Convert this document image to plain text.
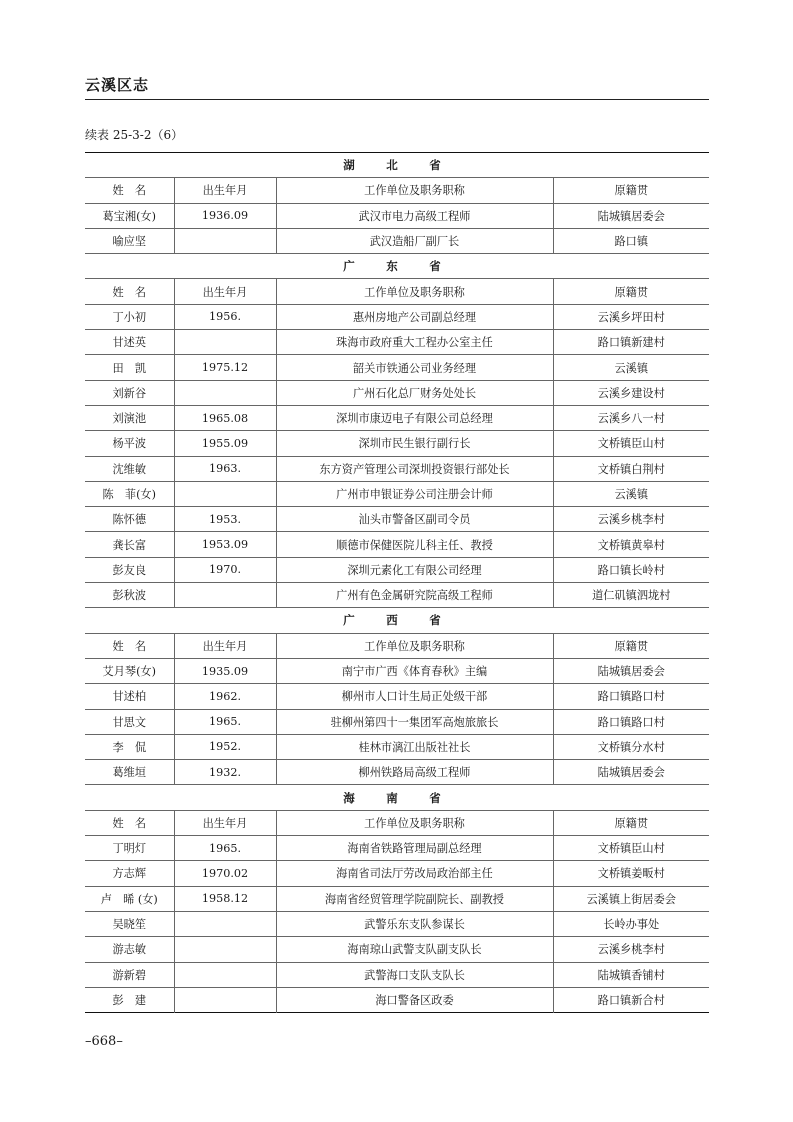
云溪区志
续表 25-3-2（6）
湖　北　省			
姓　名	出生年月	工作单位及职务职称	原籍贯
葛宝湘(女)	1936.09	武汉市电力高级工程师	陆城镇居委会
喻应坚		武汉造船厂副厂长	路口镇
广　东　省			
姓　名	出生年月	工作单位及职务职称	原籍贯
丁小初	1956.	惠州房地产公司副总经理	云溪乡坪田村
甘述英		珠海市政府重大工程办公室主任	路口镇新建村
田　凯	1975.12	韶关市铁通公司业务经理	云溪镇
刘新谷		广州石化总厂财务处处长	云溪乡建设村
刘演池	1965.08	深圳市康迈电子有限公司总经理	云溪乡八一村
杨平波	1955.09	深圳市民生银行副行长	文桥镇臣山村
沈维敏	1963.	东方资产管理公司深圳投资银行部处长	文桥镇白荆村
陈　菲(女)		广州市申银证券公司注册会计师	云溪镇
陈怀德	1953.	汕头市警备区副司令员	云溪乡桃李村
龚长富	1953.09	顺德市保健医院儿科主任、教授	文桥镇黄皋村
彭友良	1970.	深圳元素化工有限公司经理	路口镇长岭村
彭秋波		广州有色金属研究院高级工程师	道仁矶镇泗垅村
广　西　省			
姓　名	出生年月	工作单位及职务职称	原籍贯
艾月琴(女)	1935.09	南宁市广西《体育春秋》主编	陆城镇居委会
甘述柏	1962.	柳州市人口计生局正处级干部	路口镇路口村
甘思文	1965.	驻柳州第四十一集团军高炮旅旅长	路口镇路口村
李　侃	1952.	桂林市漓江出版社社长	文桥镇分水村
葛维垣	1932.	柳州铁路局高级工程师	陆城镇居委会
海　南　省			
姓　名	出生年月	工作单位及职务职称	原籍贯
丁明灯	1965.	海南省铁路管理局副总经理	文桥镇臣山村
方志辉	1970.02	海南省司法厅劳改局政治部主任	文桥镇姜畈村
卢　晞 (女)	1958.12	海南省经贸管理学院副院长、副教授	云溪镇上街居委会
吴晓笙		武警乐东支队参谋长	长岭办事处
游志敏		海南琼山武警支队副支队长	云溪乡桃李村
游新碧		武警海口支队支队长	陆城镇香铺村
彭　建		海口警备区政委	路口镇新合村
–668–
